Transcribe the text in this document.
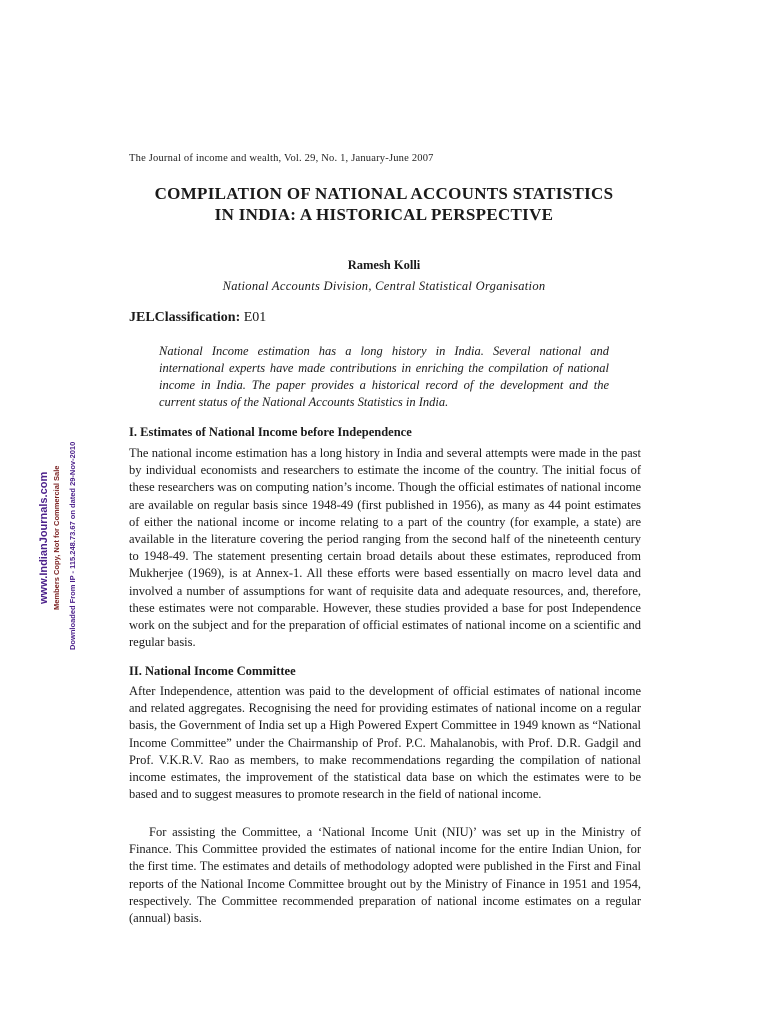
The Journal of income and wealth, Vol. 29, No. 1, January-June 2007
COMPILATION OF NATIONAL ACCOUNTS STATISTICS
IN INDIA: A HISTORICAL PERSPECTIVE
Ramesh Kolli
National Accounts Division, Central Statistical Organisation
JELClassification: E01
National Income estimation has a long history in India. Several national and international experts have made contributions in enriching the compilation of national income in India. The paper provides a historical record of the development and the current status of the National Accounts Statistics in India.
I. Estimates of National Income before Independence
The national income estimation has a long history in India and several attempts were made in the past by individual economists and researchers to estimate the income of the country. The initial focus of these researchers was on computing nation’s income. Though the official estimates of national income are available on regular basis since 1948-49 (first published in 1956), as many as 44 point estimates of either the national income or income relating to a part of the country (for example, a state) are available in the literature covering the period ranging from the second half of the nineteenth century to 1948-49. The statement presenting certain broad details about these estimates, reproduced from Mukherjee (1969), is at Annex-1. All these efforts were based essentially on macro level data and involved a number of assumptions for want of requisite data and adequate resources, and, therefore, these estimates were not comparable. However, these studies provided a base for post Independence work on the subject and for the preparation of official estimates of national income on a scientific and regular basis.
II. National Income Committee
After Independence, attention was paid to the development of official estimates of national income and related aggregates. Recognising the need for providing estimates of national income on a regular basis, the Government of India set up a High Powered Expert Committee in 1949 known as “National Income Committee” under the Chairmanship of Prof. P.C. Mahalanobis, with Prof. D.R. Gadgil and Prof. V.K.R.V. Rao as members, to make recommendations regarding the compilation of national income estimates, the improvement of the statistical data base on which the estimates were to be based and to suggest measures to promote research in the field of national income.
For assisting the Committee, a ‘National Income Unit (NIU)’ was set up in the Ministry of Finance. This Committee provided the estimates of national income for the entire Indian Union, for the first time. The estimates and details of methodology adopted were published in the First and Final reports of the National Income Committee brought out by the Ministry of Finance in 1951 and 1954, respectively. The Committee recommended preparation of national income estimates on a regular (annual) basis.
www.IndianJournals.com Members Copy, Not for Commercial Sale Downloaded From IP - 115.248.73.67 on dated 29-Nov-2010
